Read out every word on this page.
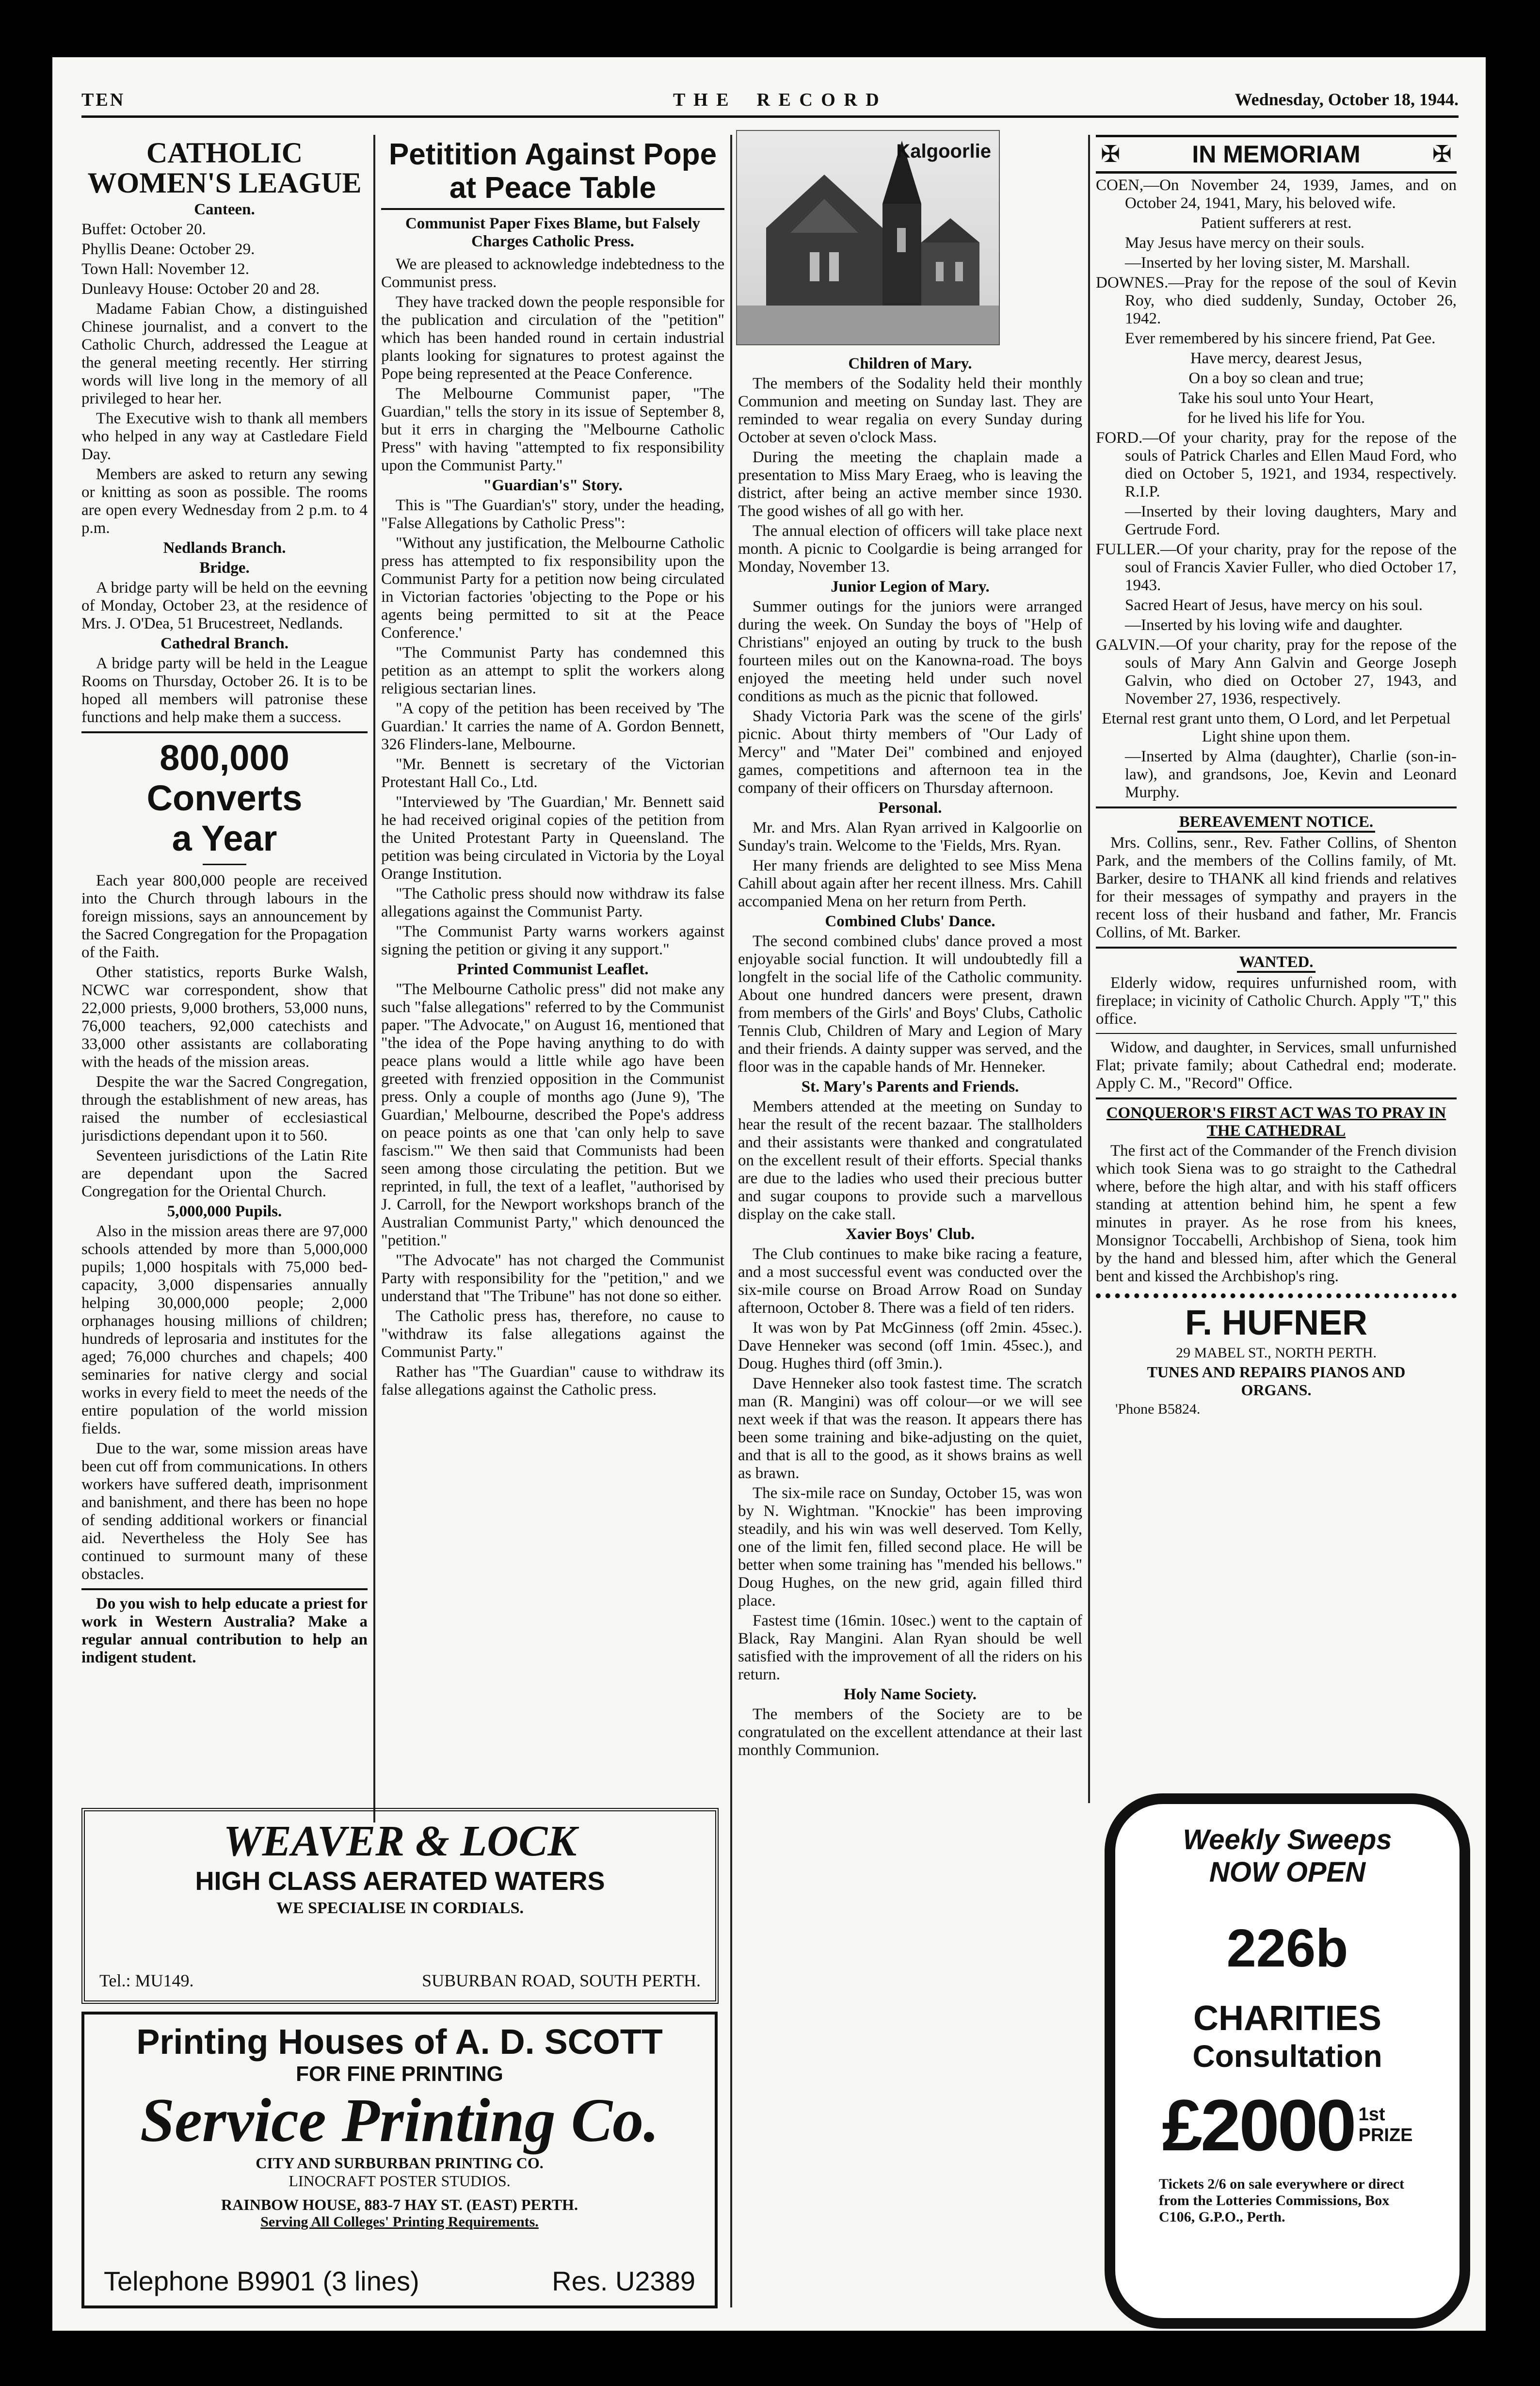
TEN	T H E    R E C O R D	Wednesday, October 18, 1944.
CATHOLIC WOMEN'S LEAGUE
Canteen.

Buffet: October 20.

Phyllis Deane: October 29.

Town Hall: November 12.

Dunleavy House: October 20 and 28.

Madame Fabian Chow, a distinguished Chinese journalist, and a convert to the Catholic Church, addressed the League at the general meeting recently. Her stirring words will live long in the memory of all privileged to hear her.

The Executive wish to thank all members who helped in any way at Castledare Field Day.

Members are asked to return any sewing or knitting as soon as possible. The rooms are open every Wednesday from 2 p.m. to 4 p.m.

Nedlands Branch.
Bridge.

A bridge party will be held on the eevning of Monday, October 23, at the residence of Mrs. J. O'Dea, 51 Brucestreet, Nedlands.

Cathedral Branch.

A bridge party will be held in the League Rooms on Thursday, October 26. It is to be hoped all members will patronise these functions and help make them a success.

800,000 Converts
a Year

Each year 800,000 people are received into the Church through labours in the foreign missions, says an announcement by the Sacred Congregation for the Propagation of the Faith.

Other statistics, reports Burke Walsh, NCWC war correspondent, show that 22,000 priests, 9,000 brothers, 53,000 nuns, 76,000 teachers, 92,000 catechists and 33,000 other assistants are collaborating with the heads of the mission areas.

Despite the war the Sacred Congregation, through the establishment of new areas, has raised the number of ecclesiastical jurisdictions dependant upon it to 560.

Seventeen jurisdictions of the Latin Rite are dependant upon the Sacred Congregation for the Oriental Church.

5,000,000 Pupils.

Also in the mission areas there are 97,000 schools attended by more than 5,000,000 pupils; 1,000 hospitals with 75,000 bed-capacity, 3,000 dispensaries annually helping 30,000,000 people; 2,000 orphanages housing millions of children; hundreds of leprosaria and institutes for the aged; 76,000 churches and chapels; 400 seminaries for native clergy and social works in every field to meet the needs of the entire population of the world mission fields.

Due to the war, some mission areas have been cut off from communications. In others workers have suffered death, imprisonment and banishment, and there has been no hope of sending additional workers or financial aid. Nevertheless the Holy See has continued to surmount many of these obstacles.

Do you wish to help educate a priest for work in Western Australia? Make a regular annual contribution to help an indigent student.

Petitition Against Pope
at Peace Table

Communist Paper Fixes Blame, but Falsely Charges Catholic Press.

We are pleased to acknowledge indebtedness to the Communist press.

They have tracked down the people responsible for the publication and circulation of the "petition" which has been handed round in certain industrial plants looking for signatures to protest against the Pope being represented at the Peace Conference.

The Melbourne Communist paper, "The Guardian," tells the story in its issue of September 8, but it errs in charging the "Melbourne Catholic Press" with having "attempted to fix responsibility upon the Communist Party."

"Guardian's" Story.

This is "The Guardian's" story, under the heading, "False Allegations by Catholic Press":

"Without any justification, the Melbourne Catholic press has attempted to fix responsibility upon the Communist Party for a petition now being circulated in Victorian factories 'objecting to the Pope or his agents being permitted to sit at the Peace Conference.'

"The Communist Party has condemned this petition as an attempt to split the workers along religious sectarian lines.

"A copy of the petition has been received by 'The Guardian.' It carries the name of A. Gordon Bennett, 326 Flinders-lane, Melbourne.

"Mr. Bennett is secretary of the Victorian Protestant Hall Co., Ltd.

"Interviewed by 'The Guardian,' Mr. Bennett said he had received original copies of the petition from the United Protestant Party in Queensland. The petition was being circulated in Victoria by the Loyal Orange Institution.

"The Catholic press should now withdraw its false allegations against the Communist Party.

"The Communist Party warns workers against signing the petition or giving it any support."

Printed Communist Leaflet.

"The Melbourne Catholic press" did not make any such "false allegations" referred to by the Communist paper. "The Advocate," on August 16, mentioned that "the idea of the Pope having anything to do with peace plans would a little while ago have been greeted with frenzied opposition in the Communist press. Only a couple of months ago (June 9), 'The Guardian,' Melbourne, described the Pope's address on peace points as one that 'can only help to save fascism.'" We then said that Communists had been seen among those circulating the petition. But we reprinted, in full, the text of a leaflet, "authorised by J. Carroll, for the Newport workshops branch of the Australian Communist Party," which denounced the "petition."

"The Advocate" has not charged the Communist Party with responsibility for the "petition," and we understand that "The Tribune" has not done so either.

The Catholic press has, therefore, no cause to "withdraw its false allegations against the Communist Party."

Rather has "The Guardian" cause to withdraw its false allegations against the Catholic press.

Kalgoorlie
Children of Mary.

The members of the Sodality held their monthly Communion and meeting on Sunday last. They are reminded to wear regalia on every Sunday during October at seven o'clock Mass.

During the meeting the chaplain made a presentation to Miss Mary Eraeg, who is leaving the district, after being an active member since 1930. The good wishes of all go with her.

The annual election of officers will take place next month. A picnic to Coolgardie is being arranged for Monday, November 13.

Junior Legion of Mary.

Summer outings for the juniors were arranged during the week. On Sunday the boys of "Help of Christians" enjoyed an outing by truck to the bush fourteen miles out on the Kanowna-road. The boys enjoyed the meeting held under such novel conditions as much as the picnic that followed.

Shady Victoria Park was the scene of the girls' picnic. About thirty members of "Our Lady of Mercy" and "Mater Dei" combined and enjoyed games, competitions and afternoon tea in the company of their officers on Thursday afternoon.

Personal.

Mr. and Mrs. Alan Ryan arrived in Kalgoorlie on Sunday's train. Welcome to the 'Fields, Mrs. Ryan.

Her many friends are delighted to see Miss Mena Cahill about again after her recent illness. Mrs. Cahill accompanied Mena on her return from Perth.

Combined Clubs' Dance.

The second combined clubs' dance proved a most enjoyable social function. It will undoubtedly fill a longfelt in the social life of the Catholic community. About one hundred dancers were present, drawn from members of the Girls' and Boys' Clubs, Catholic Tennis Club, Children of Mary and Legion of Mary and their friends. A dainty supper was served, and the floor was in the capable hands of Mr. Henneker.

St. Mary's Parents and Friends.

Members attended at the meeting on Sunday to hear the result of the recent bazaar. The stallholders and their assistants were thanked and congratulated on the excellent result of their efforts. Special thanks are due to the ladies who used their precious butter and sugar coupons to provide such a marvellous display on the cake stall.

Xavier Boys' Club.

The Club continues to make bike racing a feature, and a most successful event was conducted over the six-mile course on Broad Arrow Road on Sunday afternoon, October 8. There was a field of ten riders.

It was won by Pat McGinness (off 2min. 45sec.). Dave Henneker was second (off 1min. 45sec.), and Doug. Hughes third (off 3min.).

Dave Henneker also took fastest time. The scratch man (R. Mangini) was off colour—or we will see next week if that was the reason. It appears there has been some training and bike-adjusting on the quiet, and that is all to the good, as it shows brains as well as brawn.

The six-mile race on Sunday, October 15, was won by N. Wightman. "Knockie" has been improving steadily, and his win was well deserved. Tom Kelly, one of the limit fen, filled second place. He will be better when some training has "mended his bellows." Doug Hughes, on the new grid, again filled third place.

Fastest time (16min. 10sec.) went to the captain of Black, Ray Mangini. Alan Ryan should be well satisfied with the improvement of all the riders on his return.

Holy Name Society.

The members of the Society are to be congratulated on the excellent attendance at their last monthly Communion.

✠	IN MEMORIAM	✠

COEN,—On November 24, 1939, James, and on October 24, 1941, Mary, his beloved wife.

Patient sufferers at rest.

May Jesus have mercy on their souls.

—Inserted by her loving sister, M. Marshall.

DOWNES.—Pray for the repose of the soul of Kevin Roy, who died suddenly, Sunday, October 26, 1942.

Ever remembered by his sincere friend, Pat Gee.

Have mercy, dearest Jesus,

On a boy so clean and true;

Take his soul unto Your Heart,

for he lived his life for You.

FORD.—Of your charity, pray for the repose of the souls of Patrick Charles and Ellen Maud Ford, who died on October 5, 1921, and 1934, respectively. R.I.P.

—Inserted by their loving daughters, Mary and Gertrude Ford.

FULLER.—Of your charity, pray for the repose of the soul of Francis Xavier Fuller, who died October 17, 1943.

Sacred Heart of Jesus, have mercy on his soul.

—Inserted by his loving wife and daughter.

GALVIN.—Of your charity, pray for the repose of the souls of Mary Ann Galvin and George Joseph Galvin, who died on October 27, 1943, and November 27, 1936, respectively.

Eternal rest grant unto them, O Lord, and let Perpetual Light shine upon them.

—Inserted by Alma (daughter), Charlie (son-in-law), and grandsons, Joe, Kevin and Leonard Murphy.

BEREAVEMENT NOTICE.

Mrs. Collins, senr., Rev. Father Collins, of Shenton Park, and the members of the Collins family, of Mt. Barker, desire to THANK all kind friends and relatives for their messages of sympathy and prayers in the recent loss of their husband and father, Mr. Francis Collins, of Mt. Barker.

WANTED.

Elderly widow, requires unfurnished room, with fireplace; in vicinity of Catholic Church. Apply "T," this office.

Widow, and daughter, in Services, small unfurnished Flat; private family; about Cathedral end; moderate. Apply C. M., "Record" Office.

CONQUEROR'S FIRST ACT WAS TO PRAY IN THE CATHEDRAL

The first act of the Commander of the French division which took Siena was to go straight to the Cathedral where, before the high altar, and with his staff officers standing at attention behind him, he spent a few minutes in prayer. As he rose from his knees, Monsignor Toccabelli, Archbishop of Siena, took him by the hand and blessed him, after which the General bent and kissed the Archbishop's ring.

F. HUFNER
29 MABEL ST., NORTH PERTH.
TUNES AND REPAIRS PIANOS AND ORGANS.
'Phone B5824.
WEAVER & LOCK
HIGH CLASS AERATED WATERS
WE SPECIALISE IN CORDIALS.
Tel.: MU149.	SUBURBAN ROAD, SOUTH PERTH.
Printing Houses of A. D. SCOTT
FOR FINE PRINTING
Service Printing Co.
CITY AND SURBURBAN PRINTING CO.
LINOCRAFT POSTER STUDIOS.
RAINBOW HOUSE, 883-7 HAY ST. (EAST) PERTH.
Serving All Colleges' Printing Requirements.
Telephone B9901 (3 lines)	Res. U2389
Weekly Sweeps
NOW OPEN
226b
CHARITIES
Consultation
£2000 1st
PRIZE
Tickets 2/6 on sale everywhere or direct from the Lotteries Commissions, Box C106, G.P.O., Perth.
